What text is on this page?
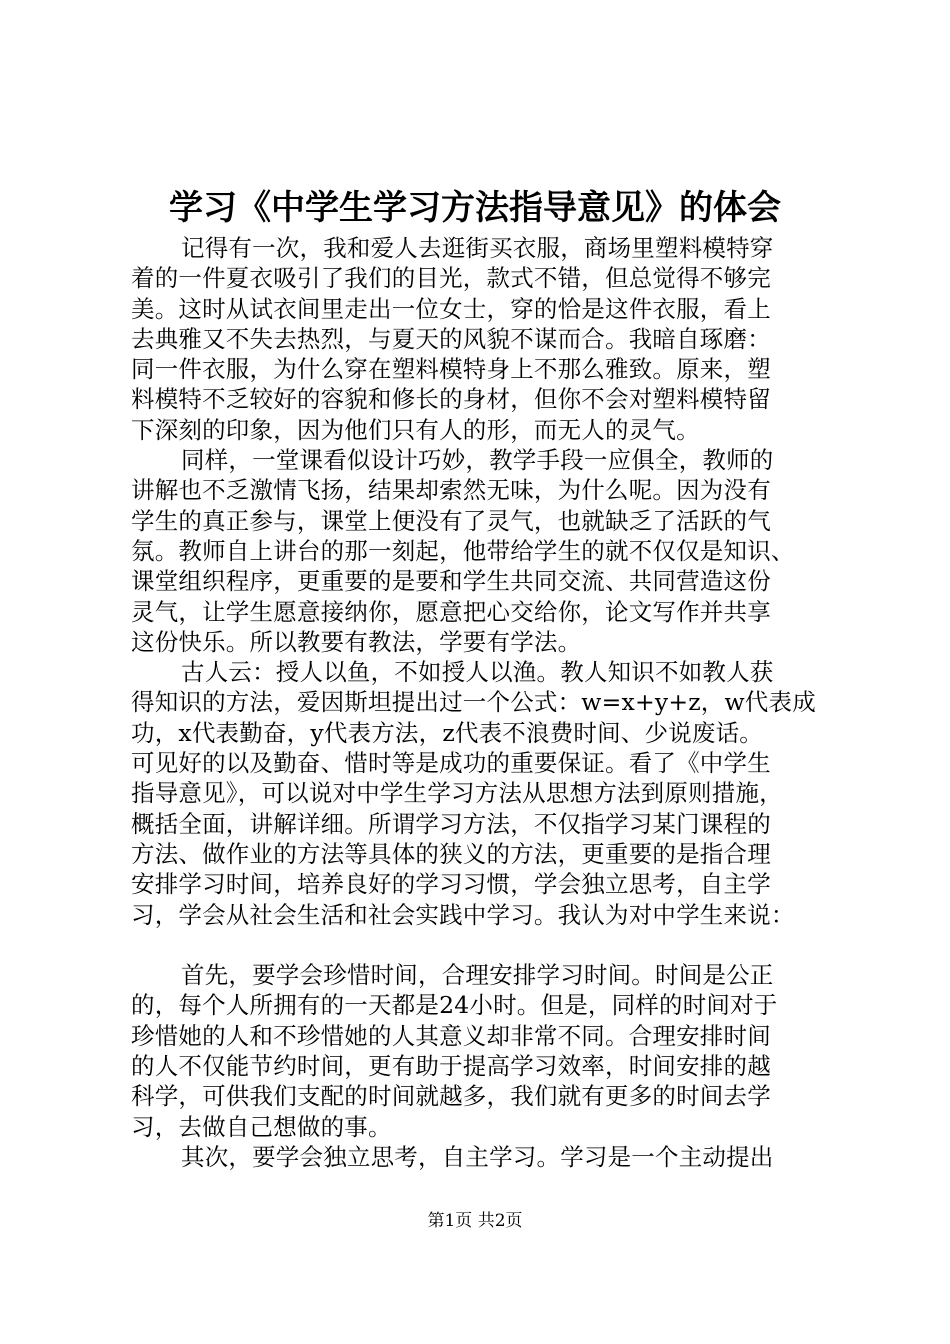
学习《中学生学习方法指导意见》的体会
记得有一次，我和爱人去逛街买衣服，商场里塑料模特穿
着的一件夏衣吸引了我们的目光，款式不错，但总觉得不够完
美。这时从试衣间里走出一位女士，穿的恰是这件衣服，看上
去典雅又不失去热烈，与夏天的风貌不谋而合。我暗自琢磨：
同一件衣服，为什么穿在塑料模特身上不那么雅致。原来，塑
料模特不乏较好的容貌和修长的身材，但你不会对塑料模特留
下深刻的印象，因为他们只有人的形，而无人的灵气。
同样，一堂课看似设计巧妙，教学手段一应俱全，教师的
讲解也不乏激情飞扬，结果却索然无味，为什么呢。因为没有
学生的真正参与，课堂上便没有了灵气，也就缺乏了活跃的气
氛。教师自上讲台的那一刻起，他带给学生的就不仅仅是知识、
课堂组织程序，更重要的是要和学生共同交流、共同营造这份
灵气，让学生愿意接纳你，愿意把心交给你，论文写作并共享
这份快乐。所以教要有教法，学要有学法。
古人云：授人以鱼，不如授人以渔。教人知识不如教人获
得知识的方法，爱因斯坦提出过一个公式：w=x+y+z，w代表成
功，x代表勤奋，y代表方法，z代表不浪费时间、少说废话。
可见好的以及勤奋、惜时等是成功的重要保证。看了《中学生
指导意见》，可以说对中学生学习方法从思想方法到原则措施，
概括全面，讲解详细。所谓学习方法，不仅指学习某门课程的
方法、做作业的方法等具体的狭义的方法，更重要的是指合理
安排学习时间，培养良好的学习习惯，学会独立思考，自主学
习，学会从社会生活和社会实践中学习。我认为对中学生来说：
首先，要学会珍惜时间，合理安排学习时间。时间是公正
的，每个人所拥有的一天都是24小时。但是，同样的时间对于
珍惜她的人和不珍惜她的人其意义却非常不同。合理安排时间
的人不仅能节约时间，更有助于提高学习效率，时间安排的越
科学，可供我们支配的时间就越多，我们就有更多的时间去学
习，去做自己想做的事。
其次，要学会独立思考，自主学习。学习是一个主动提出
第1页 共2页
